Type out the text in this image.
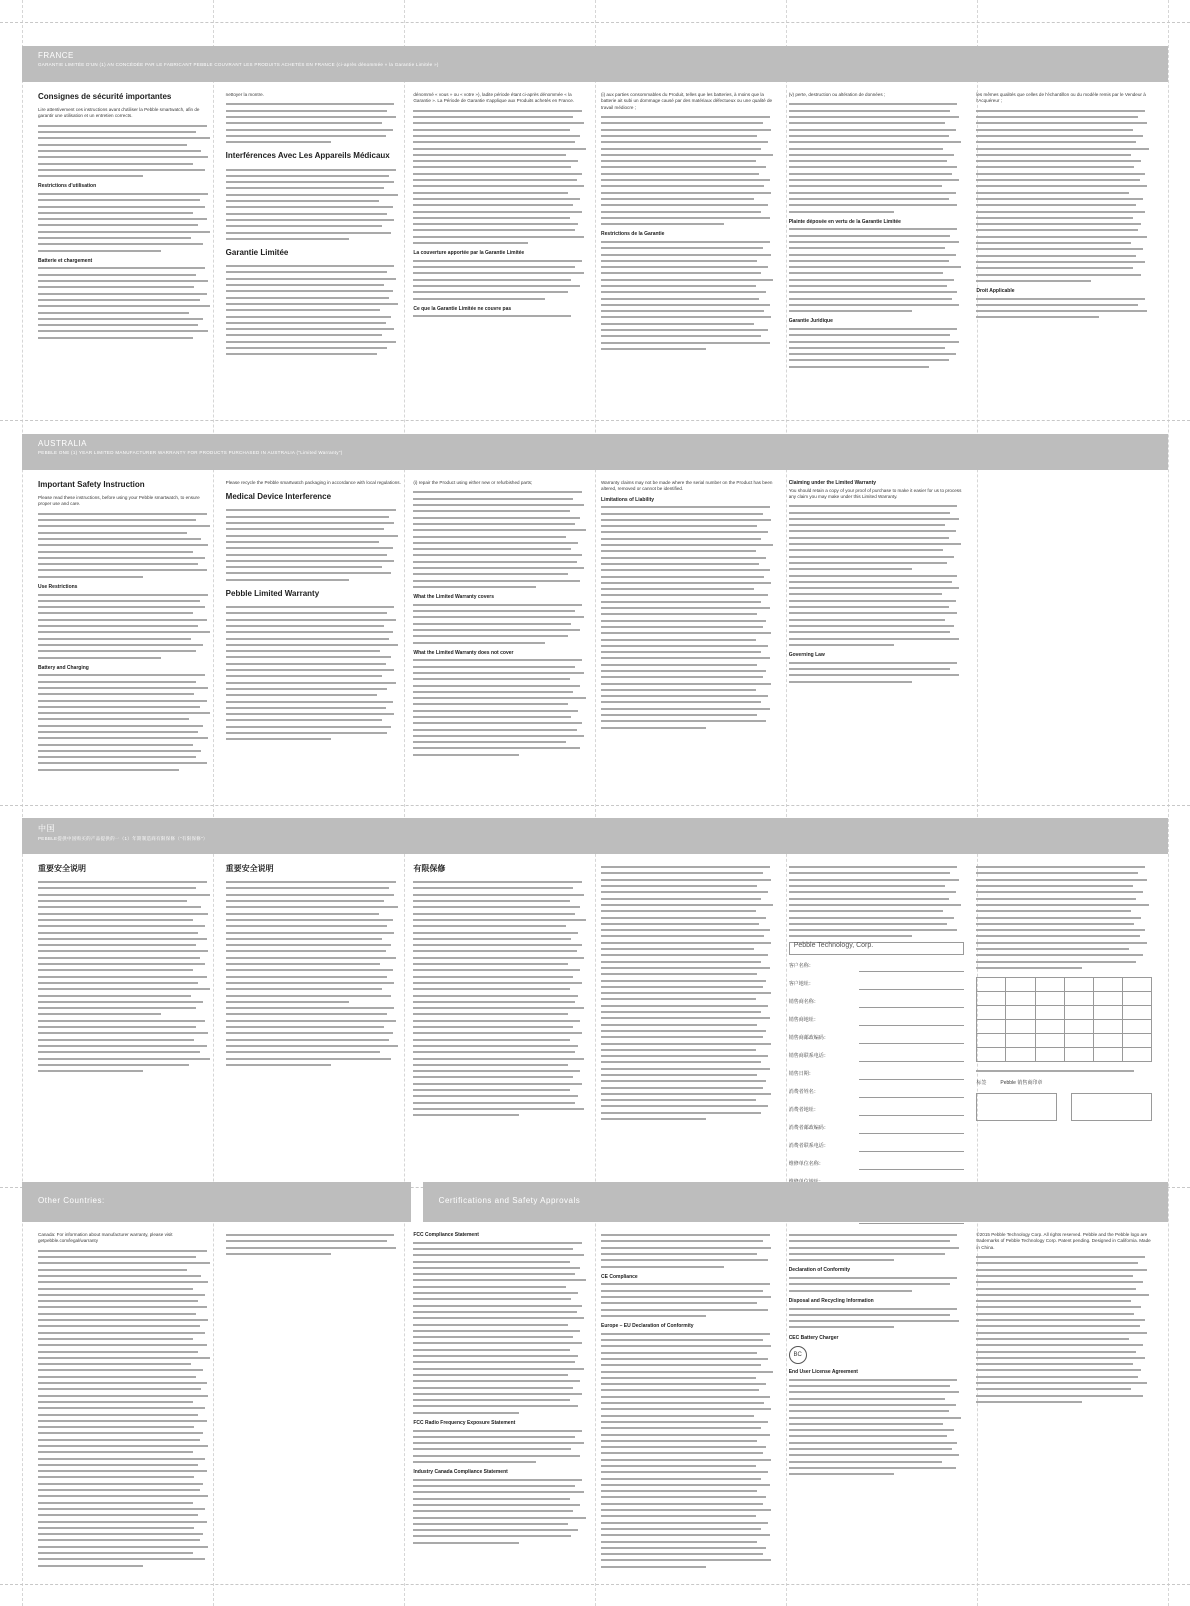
FRANCE
GARANTIE LIMITÉE D'UN (1) AN CONCÉDÉE PAR LE FABRICANT PEBBLE COUVRANT LES PRODUITS ACHETÉS EN FRANCE (ci-après dénommée « la Garantie Limitée »)
Consignes de sécurité importantes

Lire attentivement ces instructions avant d'utiliser la Pebble smartwatch, afin de garantir une utilisation et un entretien corrects.

Restrictions d'utilisation
Batterie et chargement

nettoyer la montre.

Interférences Avec Les Appareils Médicaux
Garantie Limitée

dénommé « vous » ou « votre »), ladite période étant ci-après dénommée « la Garantie ». La Période de Garantie s'applique aux Produits achetés en France.

La couverture apportée par la Garantie Limitée
Ce que la Garantie Limitée ne couvre pas

(i) aux parties consommables du Produit, telles que les batteries, à moins que la batterie ait subi un dommage causé par des matériaux défectueux ou une qualité de travail médiocre ;

Restrictions de la Garantie

(v) perte, destruction ou altération de données ;

Plainte déposée en vertu de la Garantie Limitée
Garantie Juridique

les mêmes qualités que celles de l'échantillon ou du modèle remis par le Vendeur à l'Acquéreur ;

Droit Applicable
AUSTRALIA
PEBBLE ONE (1) YEAR LIMITED MANUFACTURER WARRANTY FOR PRODUCTS PURCHASED IN AUSTRALIA ("Limited Warranty")
Important Safety Instruction

Please read these instructions, before using your Pebble smartwatch, to ensure proper use and care.

Use Restrictions
Battery and Charging

Please recycle the Pebble smartwatch packaging in accordance with local regulations.

Medical Device Interference
Pebble Limited Warranty

(i) repair the Product using either new or refurbished parts;

What the Limited Warranty covers
What the Limited Warranty does not cover

Warranty claims may not be made where the serial number on the Product has been altered, removed or cannot be identified.

Limitations of Liability
Claiming under the Limited Warranty

You should retain a copy of your proof of purchase to make it easier for us to process any claim you may make under this Limited Warranty.

Governing Law
中国
PEBBLE提供中国购买的产品提供的一（1）年期制造商有限保修（“有限保修”）
重要安全说明	重要安全说明	有限保修
Pebble Technology, Corp.
客户名称：
客户地址：
销售商名称：
销售商地址：
销售商邮政编码：
销售商联系电话：
销售日期：
消费者姓名：
消费者地址：
消费者邮政编码：
消费者联系电话：
维修单位名称：

标签	Pebble 销售商印章
Other Countries:	Certifications and Safety Approvals

Canada: For information about manufacturer warranty, please visit getpebble.com/legal/warranty

FCC Compliance Statement
FCC Radio Frequency Exposure Statement
Industry Canada Compliance Statement
CE Compliance
Europe – EU Declaration of Conformity
Declaration of Conformity
Disposal and Recycling Information
CEC Battery Charger
BC
End User License Agreement

©2015 Pebble Technology Corp. All rights reserved. Pebble and the Pebble logo are trademarks of Pebble Technology Corp. Patent pending. Designed in California. Made in China.
